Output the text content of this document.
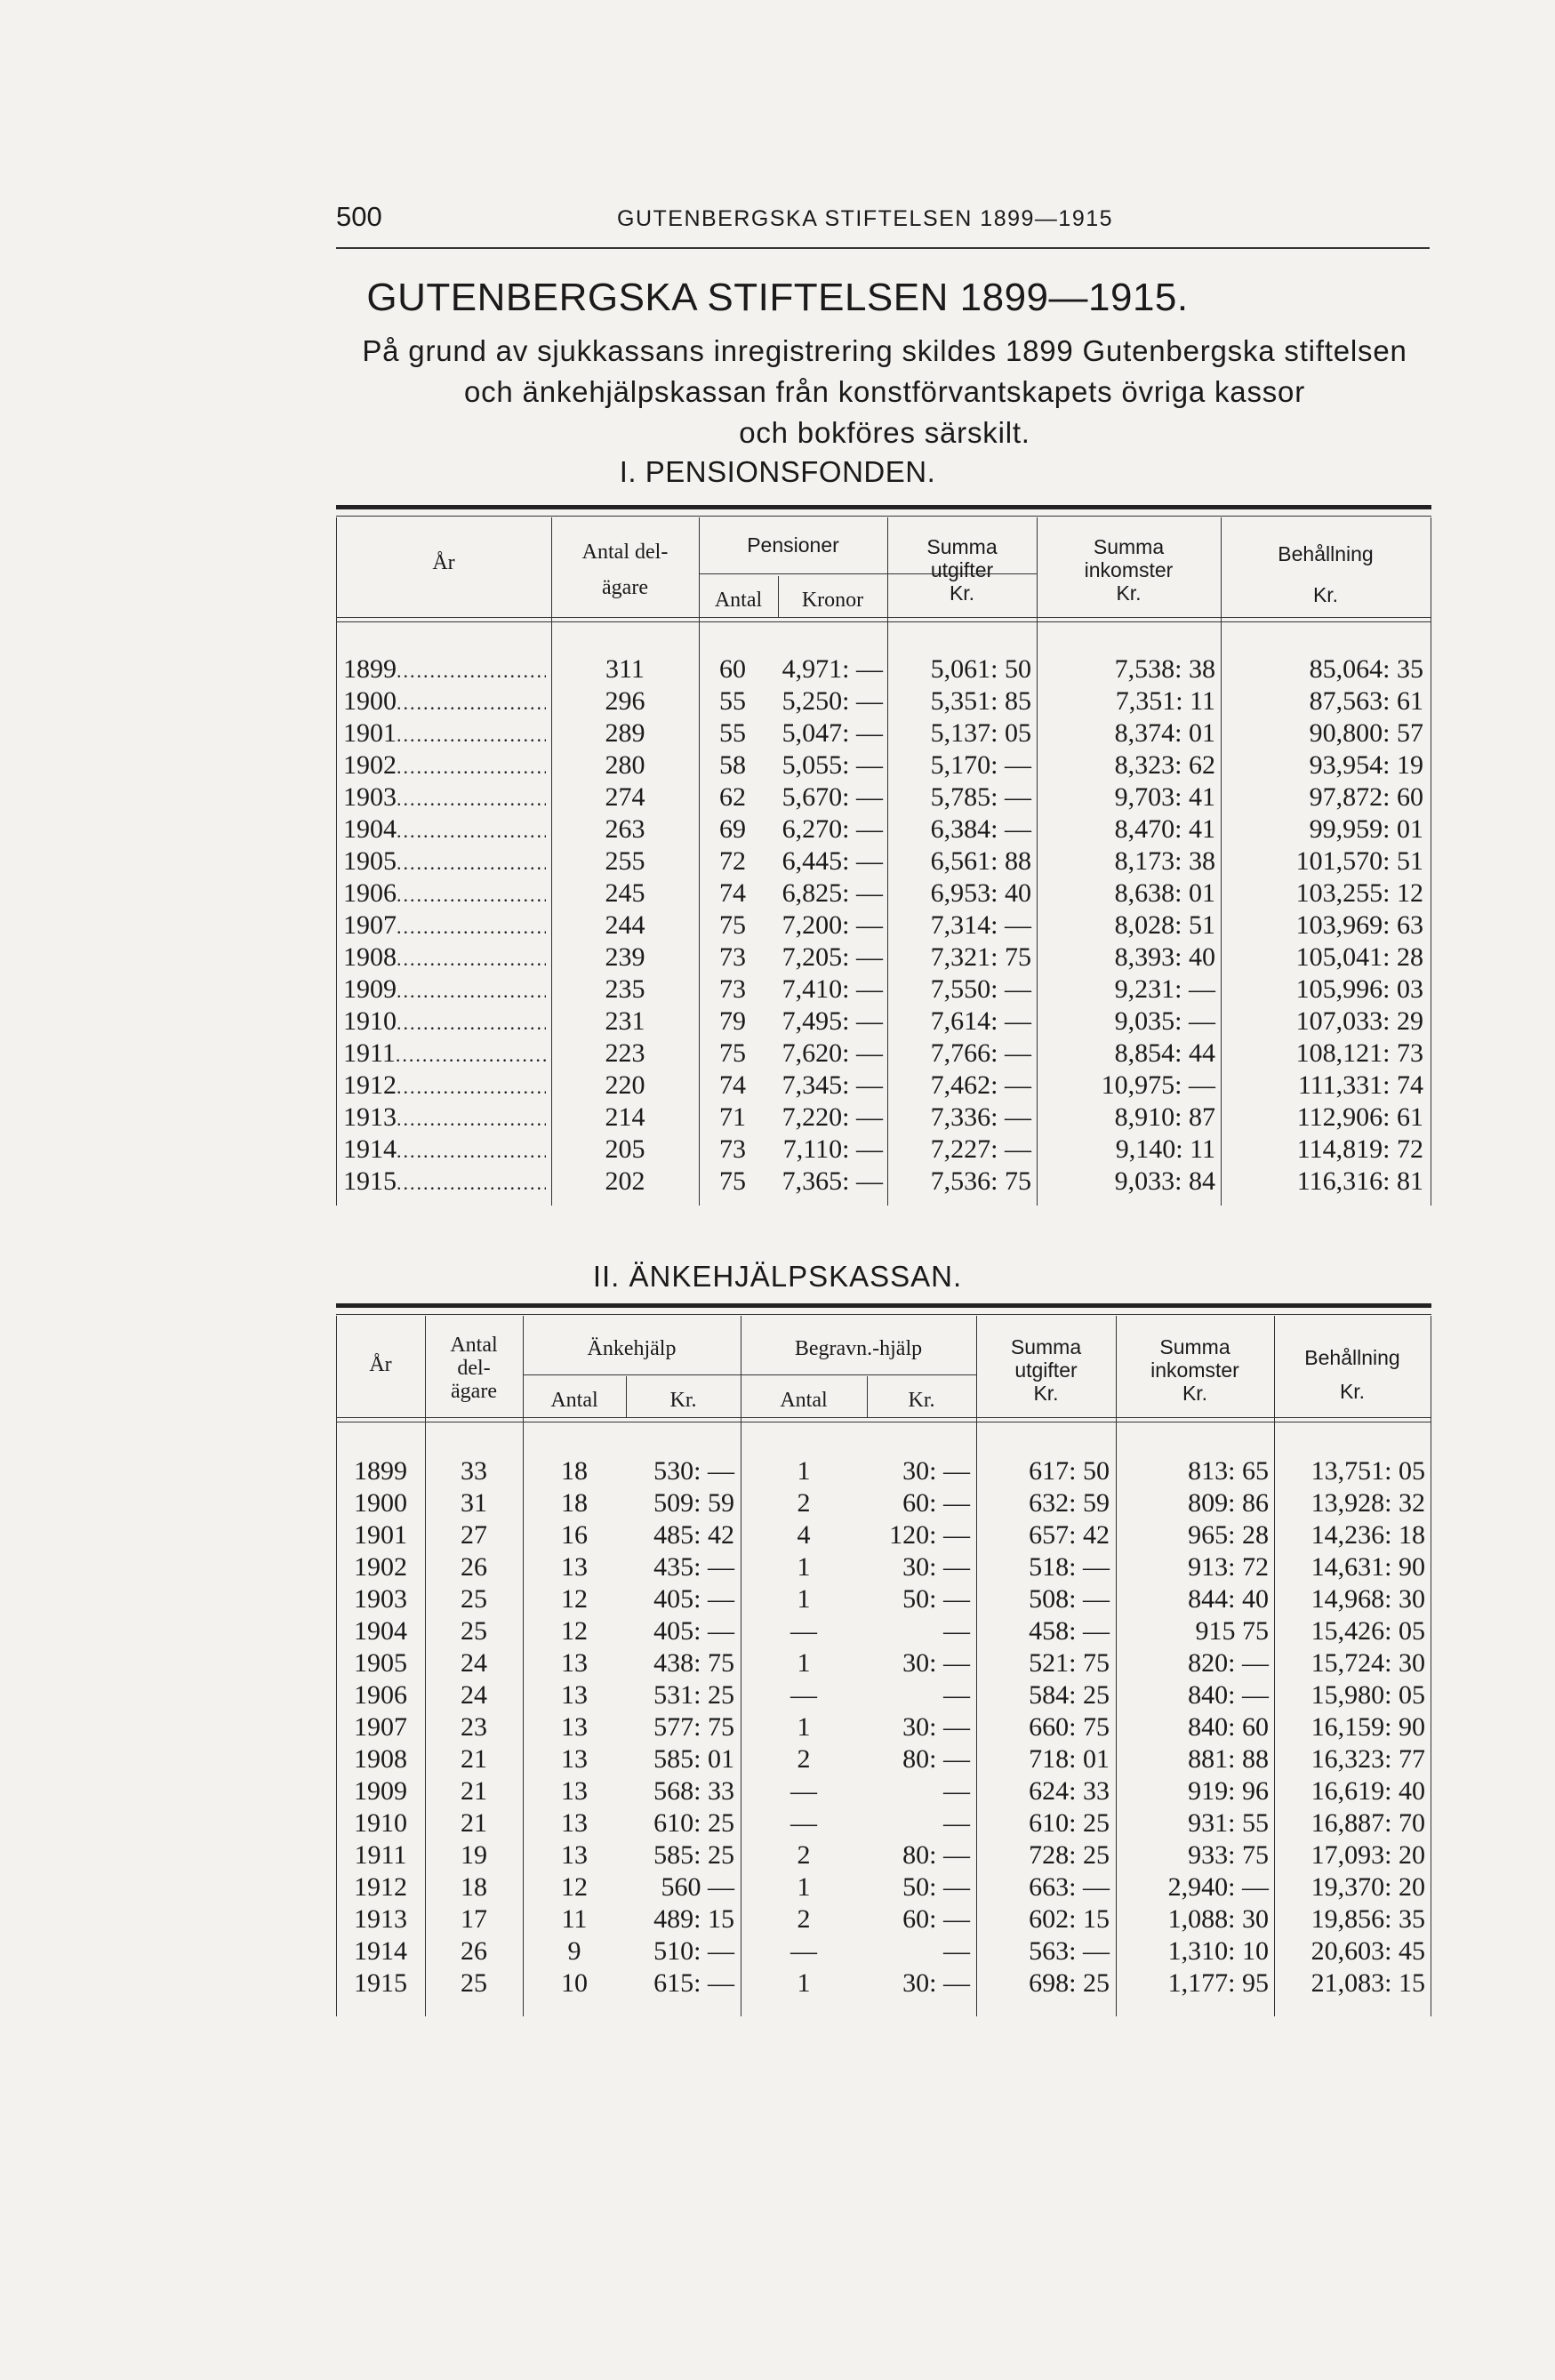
500	GUTENBERGSKA STIFTELSEN 1899—1915
GUTENBERGSKA STIFTELSEN 1899—1915.
På grund av sjukkassans inregistrering skildes 1899 Gutenbergska stiftelsen
och änkehjälpskassan från konstförvantskapets övriga kassor
och bokföres särskilt.
I. PENSIONSFONDEN.
År	Antal del-
ägare
Pensioner
Antal	Kronor
Summa
utgifter
Kr.
Summa
inkomster
Kr.
Behållning
Kr.
1899 .....	311	60	4,971: —	5,061: 50	7,538: 38	85,064: 35
1900 .....	296	55	5,250: —	5,351: 85	7,351: 11	87,563: 61
1901 .....	289	55	5,047: —	5,137: 05	8,374: 01	90,800: 57
1902 .....	280	58	5,055: —	5,170: —	8,323: 62	93,954: 19
1903 .....	274	62	5,670: —	5,785: —	9,703: 41	97,872: 60
1904 .....	263	69	6,270: —	6,384: —	8,470: 41	99,959: 01
1905 .....	255	72	6,445: —	6,561: 88	8,173: 38	101,570: 51
1906 .....	245	74	6,825: —	6,953: 40	8,638: 01	103,255: 12
1907 .....	244	75	7,200: —	7,314: —	8,028: 51	103,969: 63
1908 .....	239	73	7,205: —	7,321: 75	8,393: 40	105,041: 28
1909 .....	235	73	7,410: —	7,550: —	9,231: —	105,996: 03
1910 .....	231	79	7,495: —	7,614: —	9,035: —	107,033: 29
1911 .....	223	75	7,620: —	7,766: —	8,854: 44	108,121: 73
1912 .....	220	74	7,345: —	7,462: —	10,975: —	111,331: 74
1913 .....	214	71	7,220: —	7,336: —	8,910: 87	112,906: 61
1914 .....	205	73	7,110: —	7,227: —	9,140: 11	114,819: 72
1915 .....	202	75	7,365: —	7,536: 75	9,033: 84	116,316: 81
II. ÄNKEHJÄLPSKASSAN.
År
Antal
del-
ägare
Änkehjälp
Antal	Kr.
Begravn.-hjälp
Antal	Kr.
Summa
utgifter
Kr.
Summa
inkomster
Kr.
Behållning
Kr.
1899	33	18	530: —	1	30: —	617: 50	813: 65	13,751: 05
1900	31	18	509: 59	2	60: —	632: 59	809: 86	13,928: 32
1901	27	16	485: 42	4	120: —	657: 42	965: 28	14,236: 18
1902	26	13	435: —	1	30: —	518: —	913: 72	14,631: 90
1903	25	12	405: —	1	50: —	508: —	844: 40	14,968: 30
1904	25	12	405: —	—	—	458: —	915 75	15,426: 05
1905	24	13	438: 75	1	30: —	521: 75	820: —	15,724: 30
1906	24	13	531: 25	—	—	584: 25	840: —	15,980: 05
1907	23	13	577: 75	1	30: —	660: 75	840: 60	16,159: 90
1908	21	13	585: 01	2	80: —	718: 01	881: 88	16,323: 77
1909	21	13	568: 33	—	—	624: 33	919: 96	16,619: 40
1910	21	13	610: 25	—	—	610: 25	931: 55	16,887: 70
1911	19	13	585: 25	2	80: —	728: 25	933: 75	17,093: 20
1912	18	12	560 —	1	50: —	663: —	2,940: —	19,370: 20
1913	17	11	489: 15	2	60: —	602: 15	1,088: 30	19,856: 35
1914	26	9	510: —	—	—	563: —	1,310: 10	20,603: 45
1915	25	10	615: —	1	30: —	698: 25	1,177: 95	21,083: 15
